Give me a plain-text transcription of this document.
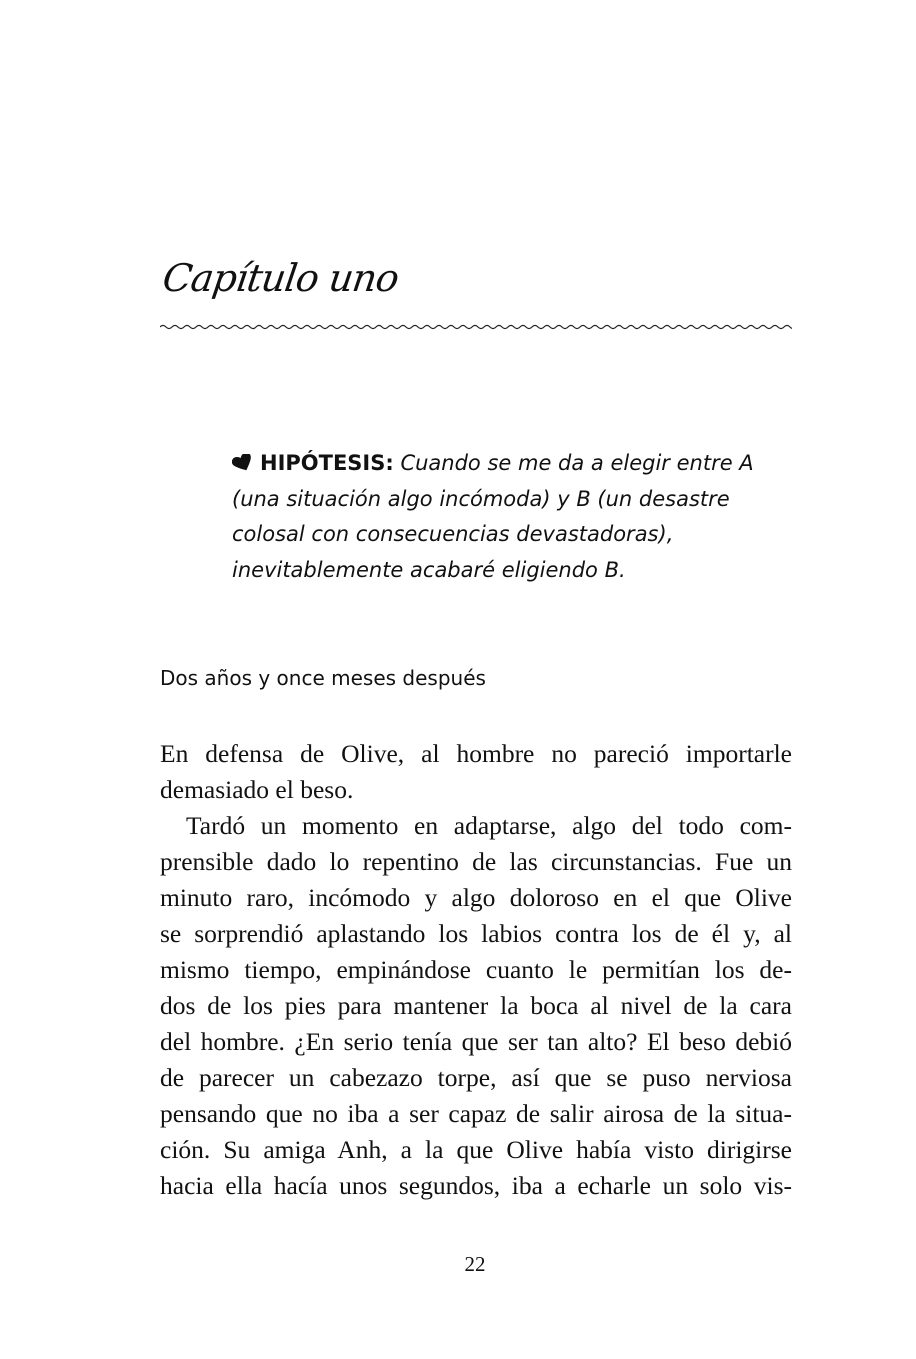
Capítulo uno
HIPÓTESIS: Cuando se me da a elegir entre A
(una situación algo incómoda) y B (un desastre
colosal con consecuencias devastadoras),
inevitablemente acabaré eligiendo B.
Dos años y once meses después
En defensa de Olive, al hombre no pareció importarle
demasiado el beso.
Tardó un momento en adaptarse, algo del todo com-
prensible dado lo repentino de las circunstancias. Fue un
minuto raro, incómodo y algo doloroso en el que Olive
se sorprendió aplastando los labios contra los de él y, al
mismo tiempo, empinándose cuanto le permitían los de-
dos de los pies para mantener la boca al nivel de la cara
del hombre. ¿En serio tenía que ser tan alto? El beso debió
de parecer un cabezazo torpe, así que se puso nerviosa
pensando que no iba a ser capaz de salir airosa de la situa-
ción. Su amiga Anh, a la que Olive había visto dirigirse
hacia ella hacía unos segundos, iba a echarle un solo vis-
22
